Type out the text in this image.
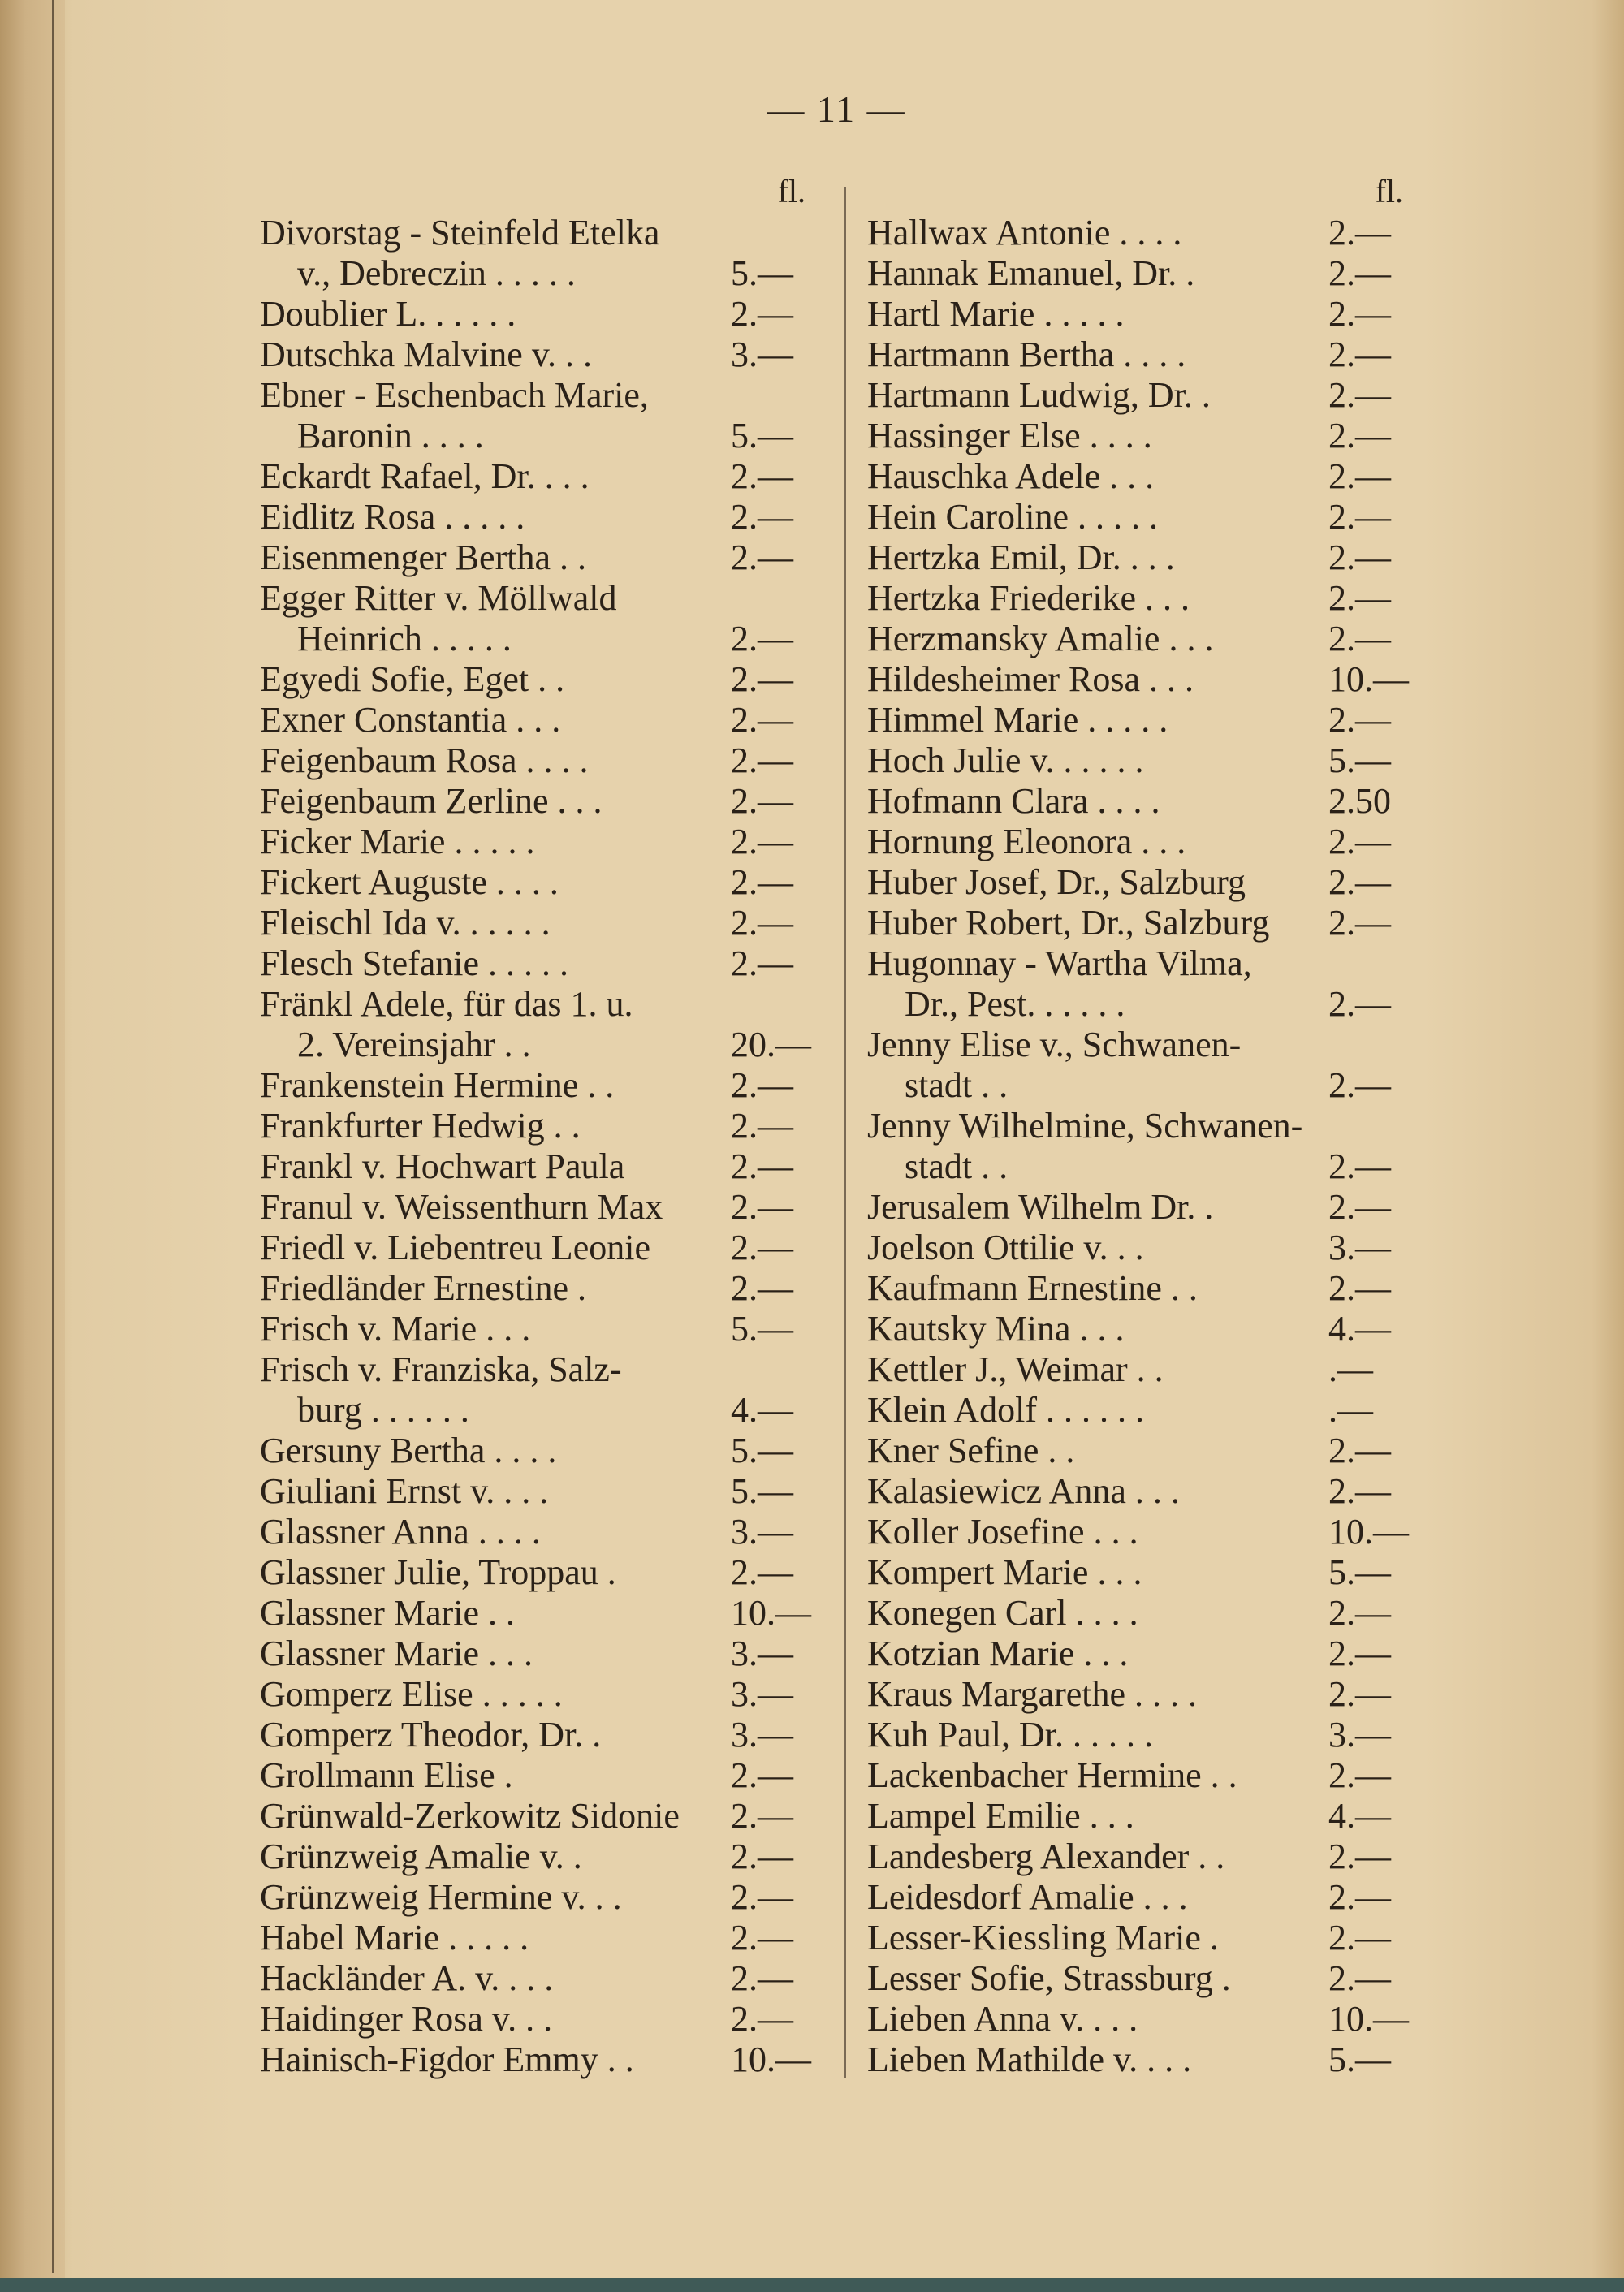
— 11 —
fl.
Divorstag - Steinfeld Etelka
v., Debreczin . . . . .	5.—
Doublier L. . . . . .	2.—
Dutschka Malvine v. . .	3.—
Ebner - Eschenbach Marie,
Baronin . . . .	5.—
Eckardt Rafael, Dr. . . .	2.—
Eidlitz Rosa . . . . .	2.—
Eisenmenger Bertha . .	2.—
Egger Ritter v. Möllwald
Heinrich . . . . .	2.—
Egyedi Sofie, Eget . .	2.—
Exner Constantia . . .	2.—
Feigenbaum Rosa . . . .	2.—
Feigenbaum Zerline . . .	2.—
Ficker Marie . . . . .	2.—
Fickert Auguste . . . .	2.—
Fleischl Ida v. . . . . .	2.—
Flesch Stefanie . . . . .	2.—
Fränkl Adele, für das 1. u.
2. Vereinsjahr . .	20.—
Frankenstein Hermine . .	2.—
Frankfurter Hedwig . .	2.—
Frankl v. Hochwart Paula	2.—
Franul v. Weissenthurn Max	2.—
Friedl v. Liebentreu Leonie	2.—
Friedländer Ernestine .	2.—
Frisch v. Marie . . .	5.—
Frisch v. Franziska, Salz-
burg . . . . . .	4.—
Gersuny Bertha . . . .	5.—
Giuliani Ernst v. . . .	5.—
Glassner Anna . . . .	3.—
Glassner Julie, Troppau .	2.—
Glassner Marie . .	10.—
Glassner Marie . . .	3.—
Gomperz Elise . . . . .	3.—
Gomperz Theodor, Dr. .	3.—
Grollmann Elise .	2.—
Grünwald-Zerkowitz Sidonie	2.—
Grünzweig Amalie v. .	2.—
Grünzweig Hermine v. . .	2.—
Habel Marie . . . . .	2.—
Hackländer A. v. . . .	2.—
Haidinger Rosa v. . .	2.—
Hainisch-Figdor Emmy . .	10.—
fl.
Hallwax Antonie . . . .	2.—
Hannak Emanuel, Dr. .	2.—
Hartl Marie . . . . .	2.—
Hartmann Bertha . . . .	2.—
Hartmann Ludwig, Dr. .	2.—
Hassinger Else . . . .	2.—
Hauschka Adele . . .	2.—
Hein Caroline . . . . .	2.—
Hertzka Emil, Dr. . . .	2.—
Hertzka Friederike . . .	2.—
Herzmansky Amalie . . .	2.—
Hildesheimer Rosa . . .	10.—
Himmel Marie . . . . .	2.—
Hoch Julie v. . . . . .	5.—
Hofmann Clara . . . .	2.50
Hornung Eleonora . . .	2.—
Huber Josef, Dr., Salzburg	2.—
Huber Robert, Dr., Salzburg	2.—
Hugonnay - Wartha Vilma,
Dr., Pest. . . . . .	2.—
Jenny Elise v., Schwanen-
stadt . .	2.—
Jenny Wilhelmine, Schwanen-
stadt . .	2.—
Jerusalem Wilhelm Dr. .	2.—
Joelson Ottilie v. . .	3.—
Kaufmann Ernestine . .	2.—
Kautsky Mina . . .	4.—
Kettler J., Weimar . .	.—
Klein Adolf . . . . . .	.—
Kner Sefine . .	2.—
Kalasiewicz Anna . . .	2.—
Koller Josefine . . .	10.—
Kompert Marie . . .	5.—
Konegen Carl . . . .	2.—
Kotzian Marie . . .	2.—
Kraus Margarethe . . . .	2.—
Kuh Paul, Dr. . . . . .	3.—
Lackenbacher Hermine . .	2.—
Lampel Emilie . . .	4.—
Landesberg Alexander . .	2.—
Leidesdorf Amalie . . .	2.—
Lesser-Kiessling Marie .	2.—
Lesser Sofie, Strassburg .	2.—
Lieben Anna v. . . .	10.—
Lieben Mathilde v. . . .	5.—
